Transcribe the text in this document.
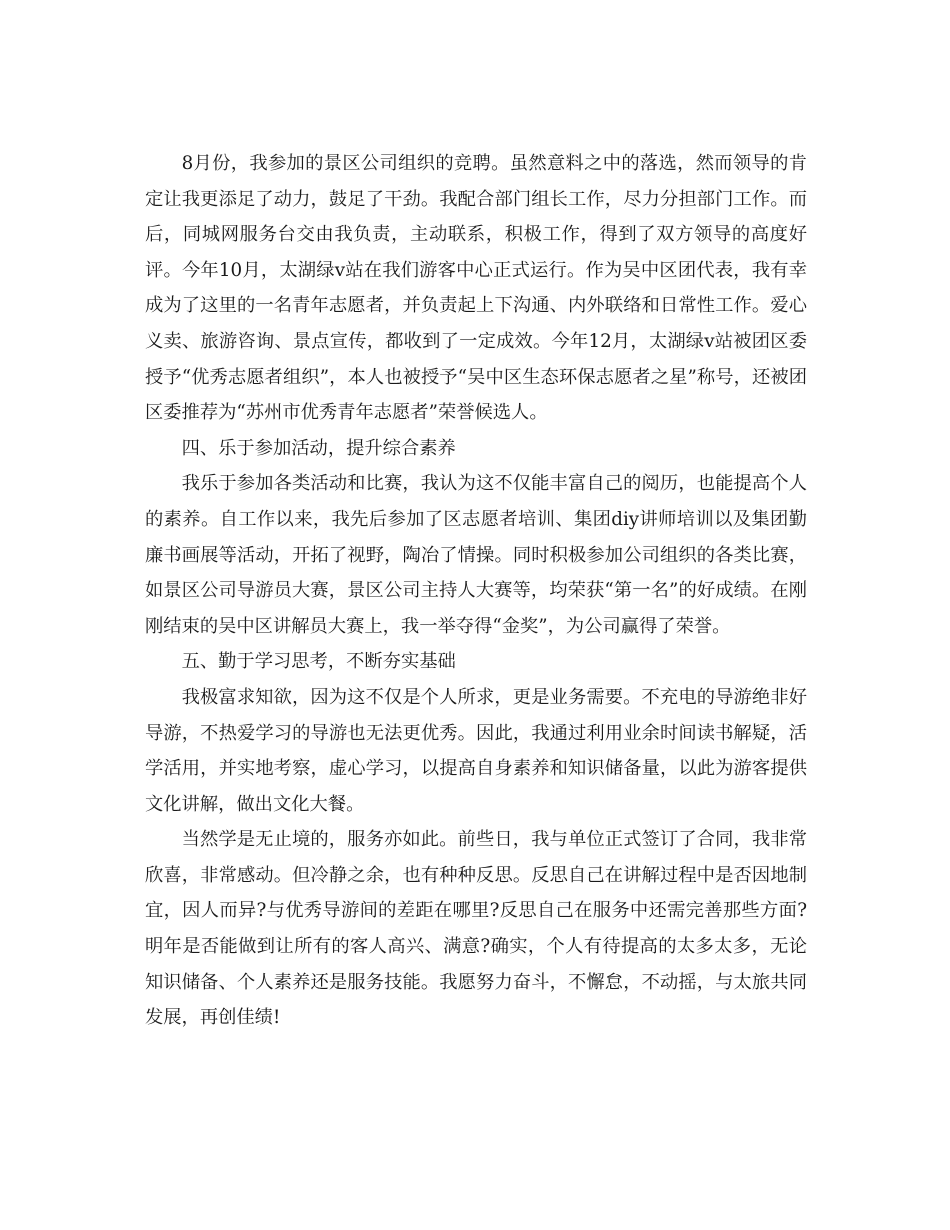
8月份，我参加的景区公司组织的竞聘。虽然意料之中的落选，然而领导的肯定让我更添足了动力，鼓足了干劲。我配合部门组长工作，尽力分担部门工作。而后，同城网服务台交由我负责，主动联系，积极工作，得到了双方领导的高度好评。今年10月，太湖绿v站在我们游客中心正式运行。作为吴中区团代表，我有幸成为了这里的一名青年志愿者，并负责起上下沟通、内外联络和日常性工作。爱心义卖、旅游咨询、景点宣传，都收到了一定成效。今年12月，太湖绿v站被团区委授予“优秀志愿者组织”，本人也被授予“吴中区生态环保志愿者之星”称号，还被团区委推荐为“苏州市优秀青年志愿者”荣誉候选人。

四、乐于参加活动，提升综合素养

我乐于参加各类活动和比赛，我认为这不仅能丰富自己的阅历，也能提高个人的素养。自工作以来，我先后参加了区志愿者培训、集团diy讲师培训以及集团勤廉书画展等活动，开拓了视野，陶冶了情操。同时积极参加公司组织的各类比赛，如景区公司导游员大赛，景区公司主持人大赛等，均荣获“第一名”的好成绩。在刚刚结束的吴中区讲解员大赛上，我一举夺得“金奖”，为公司赢得了荣誉。

五、勤于学习思考，不断夯实基础

我极富求知欲，因为这不仅是个人所求，更是业务需要。不充电的导游绝非好导游，不热爱学习的导游也无法更优秀。因此，我通过利用业余时间读书解疑，活学活用，并实地考察，虚心学习，以提高自身素养和知识储备量，以此为游客提供文化讲解，做出文化大餐。

当然学是无止境的，服务亦如此。前些日，我与单位正式签订了合同，我非常欣喜，非常感动。但冷静之余，也有种种反思。反思自己在讲解过程中是否因地制宜，因人而异?与优秀导游间的差距在哪里?反思自己在服务中还需完善那些方面?明年是否能做到让所有的客人高兴、满意?确实，个人有待提高的太多太多，无论知识储备、个人素养还是服务技能。我愿努力奋斗，不懈怠，不动摇，与太旅共同发展，再创佳绩!
